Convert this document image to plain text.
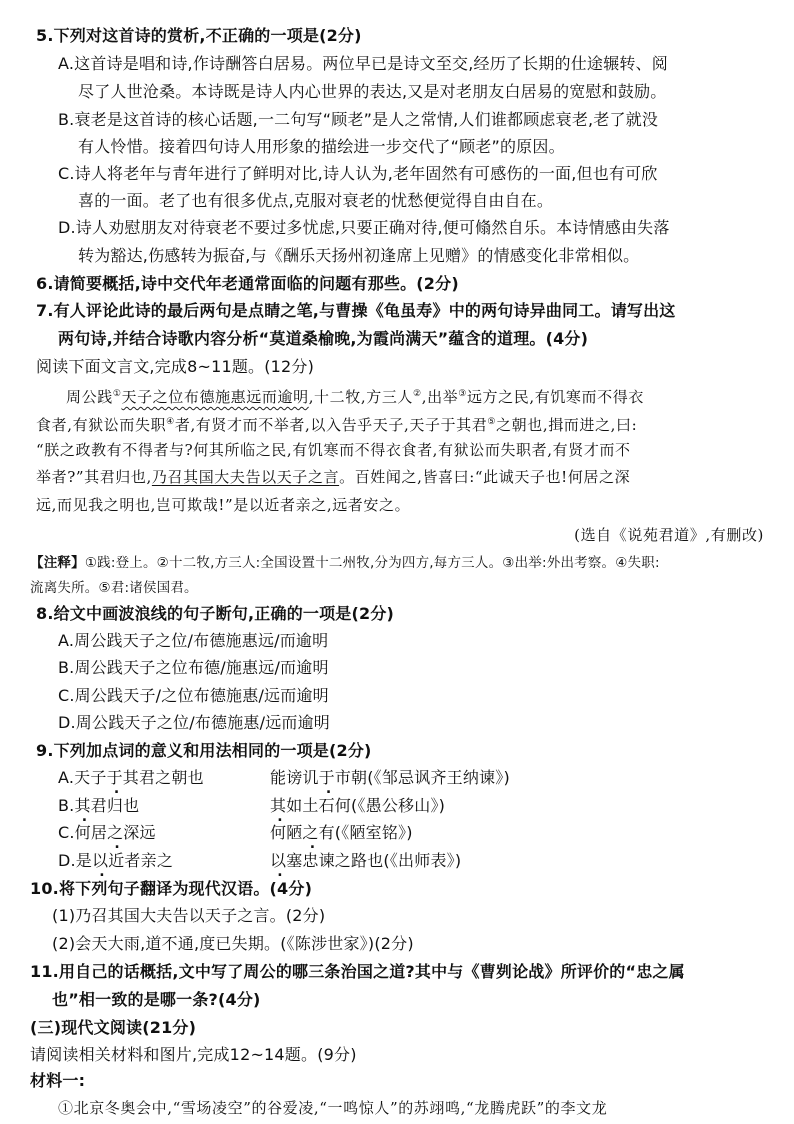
5.下列对这首诗的赏析,不正确的一项是(2分)
A.这首诗是唱和诗,作诗酬答白居易。两位早已是诗文至交,经历了长期的仕途辗转、阅
尽了人世沧桑。本诗既是诗人内心世界的表达,又是对老朋友白居易的宽慰和鼓励。
B.衰老是这首诗的核心话题,一二句写“顾老”是人之常情,人们谁都顾虑衰老,老了就没
有人怜惜。接着四句诗人用形象的描绘进一步交代了“顾老”的原因。
C.诗人将老年与青年进行了鲜明对比,诗人认为,老年固然有可感伤的一面,但也有可欣
喜的一面。老了也有很多优点,克服对衰老的忧愁便觉得自由自在。
D.诗人劝慰朋友对待衰老不要过多忧虑,只要正确对待,便可翛然自乐。本诗情感由失落
转为豁达,伤感转为振奋,与《酬乐天扬州初逢席上见赠》的情感变化非常相似。
6.请简要概括,诗中交代年老通常面临的问题有那些。(2分)
7.有人评论此诗的最后两句是点睛之笔,与曹操《龟虽寿》中的两句诗异曲同工。请写出这
两句诗,并结合诗歌内容分析“莫道桑榆晚,为霞尚满天”蕴含的道理。(4分)
阅读下面文言文,完成8~11题。(12分)
周公践①天子之位布德施惠远而逾明,十二牧,方三人②,出举③远方之民,有饥寒而不得衣
食者,有狱讼而失职④者,有贤才而不举者,以入告乎天子,天子于其君⑤之朝也,揖而进之,曰:
“朕之政教有不得者与?何其所临之民,有饥寒而不得衣食者,有狱讼而失职者,有贤才而不
举者?”其君归也,乃召其国大夫告以天子之言。百姓闻之,皆喜曰:“此诚天子也!何居之深
远,而见我之明也,岂可欺哉!”是以近者亲之,远者安之。
(选自《说苑君道》,有删改)
【注释】①践:登上。②十二牧,方三人:全国设置十二州牧,分为四方,每方三人。③出举:外出考察。④失职:
流离失所。⑤君:诸侯国君。
8.给文中画波浪线的句子断句,正确的一项是(2分)
A.周公践天子之位/布德施惠远/而逾明
B.周公践天子之位布德/施惠远/而逾明
C.周公践天子/之位布德施惠/远而逾明
D.周公践天子之位/布德施惠/远而逾明
9.下列加点词的意义和用法相同的一项是(2分)
A.天子于其君之朝也	能谤讥于市朝(《邹忌讽齐王纳谏》)
B.其君归也	其如土石何(《愚公移山》)
C.何居之深远	何陋之有(《陋室铭》)
D.是以近者亲之	以塞忠谏之路也(《出师表》)
10.将下列句子翻译为现代汉语。(4分)
(1)乃召其国大夫告以天子之言。(2分)
(2)会天大雨,道不通,度已失期。(《陈涉世家》)(2分)
11.用自己的话概括,文中写了周公的哪三条治国之道?其中与《曹刿论战》所评价的“忠之属
也”相一致的是哪一条?(4分)
(三)现代文阅读(21分)
请阅读相关材料和图片,完成12~14题。(9分)
材料一:
①北京冬奥会中,“雪场凌空”的谷爱凌,“一鸣惊人”的苏翊鸣,“龙腾虎跃”的李文龙
